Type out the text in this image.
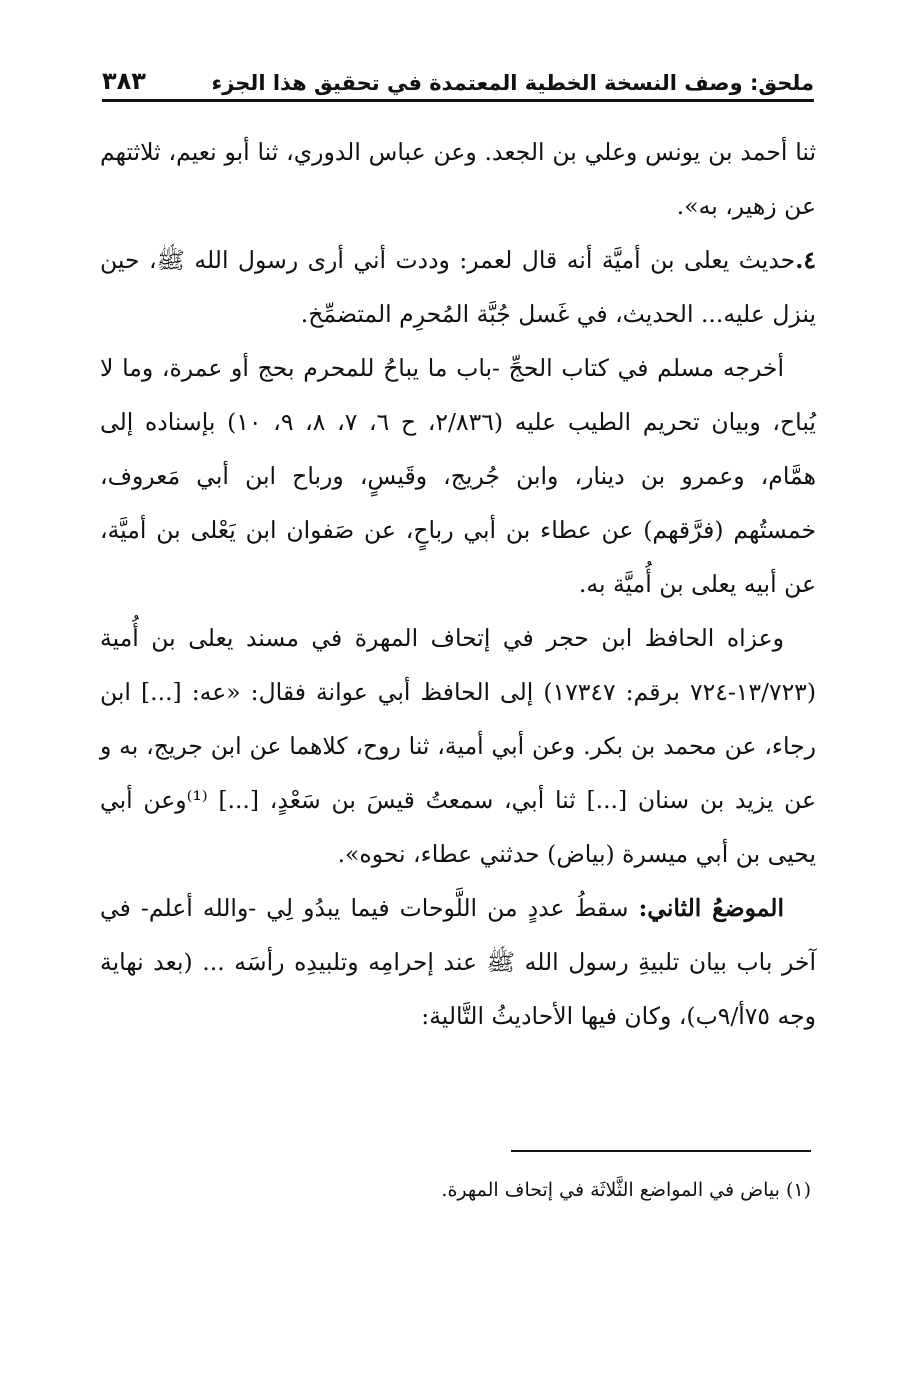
ملحق: وصف النسخة الخطية المعتمدة في تحقيق هذا الجزء
٣٨٣

ثنا أحمد بن يونس وعلي بن الجعد. وعن عباس الدوري، ثنا أبو نعيم، ثلاثتهم عن زهير، به».

٤.حديث يعلى بن أميَّة أنه قال لعمر: وددت أني أرى رسول الله ﷺ، حين ينزل عليه... الحديث، في غَسل جُبَّة المُحرِم المتضمِّخ.

أخرجه مسلم في كتاب الحجِّ -باب ما يباحُ للمحرم بحج أو عمرة، وما لا يُباح، وبيان تحريم الطيب عليه (٢/٨٣٦، ح ٦، ٧، ٨، ٩، ١٠) بإسناده إلى همَّام، وعمرو بن دينار، وابن جُريج، وقَيسٍ، ورباح ابن أبي مَعروف، خمستُهم (فرَّقهم) عن عطاء بن أبي رباحٍ، عن صَفوان ابن يَعْلى بن أميَّة، عن أبيه يعلى بن أُميَّة به.

وعزاه الحافظ ابن حجر في إتحاف المهرة في مسند يعلى بن أُمية (١٣/٧٢٣-٧٢٤ برقم: ١٧٣٤٧) إلى الحافظ أبي عوانة فقال: «عه: [...] ابن رجاء، عن محمد بن بكر. وعن أبي أمية، ثنا روح، كلاهما عن ابن جريج، به و عن يزيد بن سنان [...] ثنا أبي، سمعتُ قيسَ بن سَعْدٍ، [...] ⁽¹⁾وعن أبي يحيى بن أبي ميسرة (بياض) حدثني عطاء، نحوه».

الموضعُ الثاني: سقطُ عددٍ من اللَّوحات فيما يبدُو لِي -والله أعلم- في آخر باب بيان تلبيةِ رسول الله ﷺ عند إحرامِه وتلبيدِه رأسَه ... (بعد نهاية وجه ٧٥أ/٩ب)، وكان فيها الأحاديثُ التَّالية:

(١) بياض في المواضع الثَّلاثَة في إتحاف المهرة.
